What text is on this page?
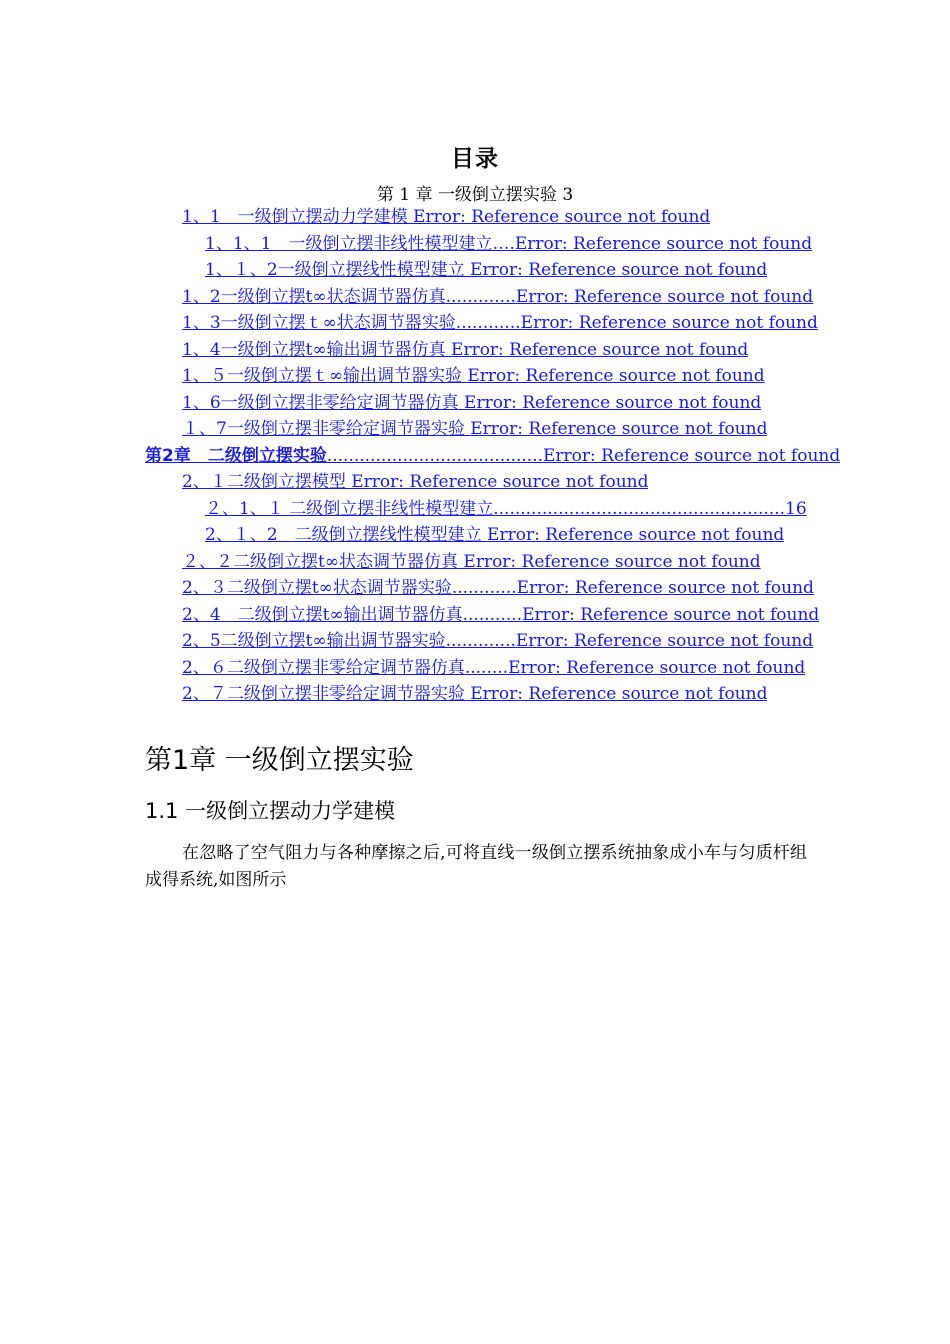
目录
第 1 章 一级倒立摆实验 3
1、1　一级倒立摆动力学建模 Error: Reference source not found
1、1、1　一级倒立摆非线性模型建立….Error: Reference source not found
1、１、2一级倒立摆线性模型建立 Error: Reference source not found
1、2一级倒立摆t∞状态调节器仿真.............Error: Reference source not found
1、3一级倒立摆ｔ∞状态调节器实验............Error: Reference source not found
1、4一级倒立摆t∞输出调节器仿真 Error: Reference source not found
1、５一级倒立摆ｔ∞输出调节器实验 Error: Reference source not found
1、6一级倒立摆非零给定调节器仿真 Error: Reference source not found
１、7一级倒立摆非零给定调节器实验 Error: Reference source not found
第2章　二级倒立摆实验........................................Error: Reference source not found
2、１二级倒立摆模型 Error: Reference source not found
２、1、１ 二级倒立摆非线性模型建立......................................................16
2、１、2　二级倒立摆线性模型建立 Error: Reference source not found
２、２二级倒立摆t∞状态调节器仿真 Error: Reference source not found
2、３二级倒立摆t∞状态调节器实验............Error: Reference source not found
2、4　二级倒立摆t∞输出调节器仿真...........Error: Reference source not found
2、5二级倒立摆t∞输出调节器实验.............Error: Reference source not found
2、６二级倒立摆非零给定调节器仿真........Error: Reference source not found
2、７二级倒立摆非零给定调节器实验 Error: Reference source not found
第1章 一级倒立摆实验
1.1 一级倒立摆动力学建模
在忽略了空气阻力与各种摩擦之后,可将直线一级倒立摆系统抽象成小车与匀质杆组成得系统,如图所示
